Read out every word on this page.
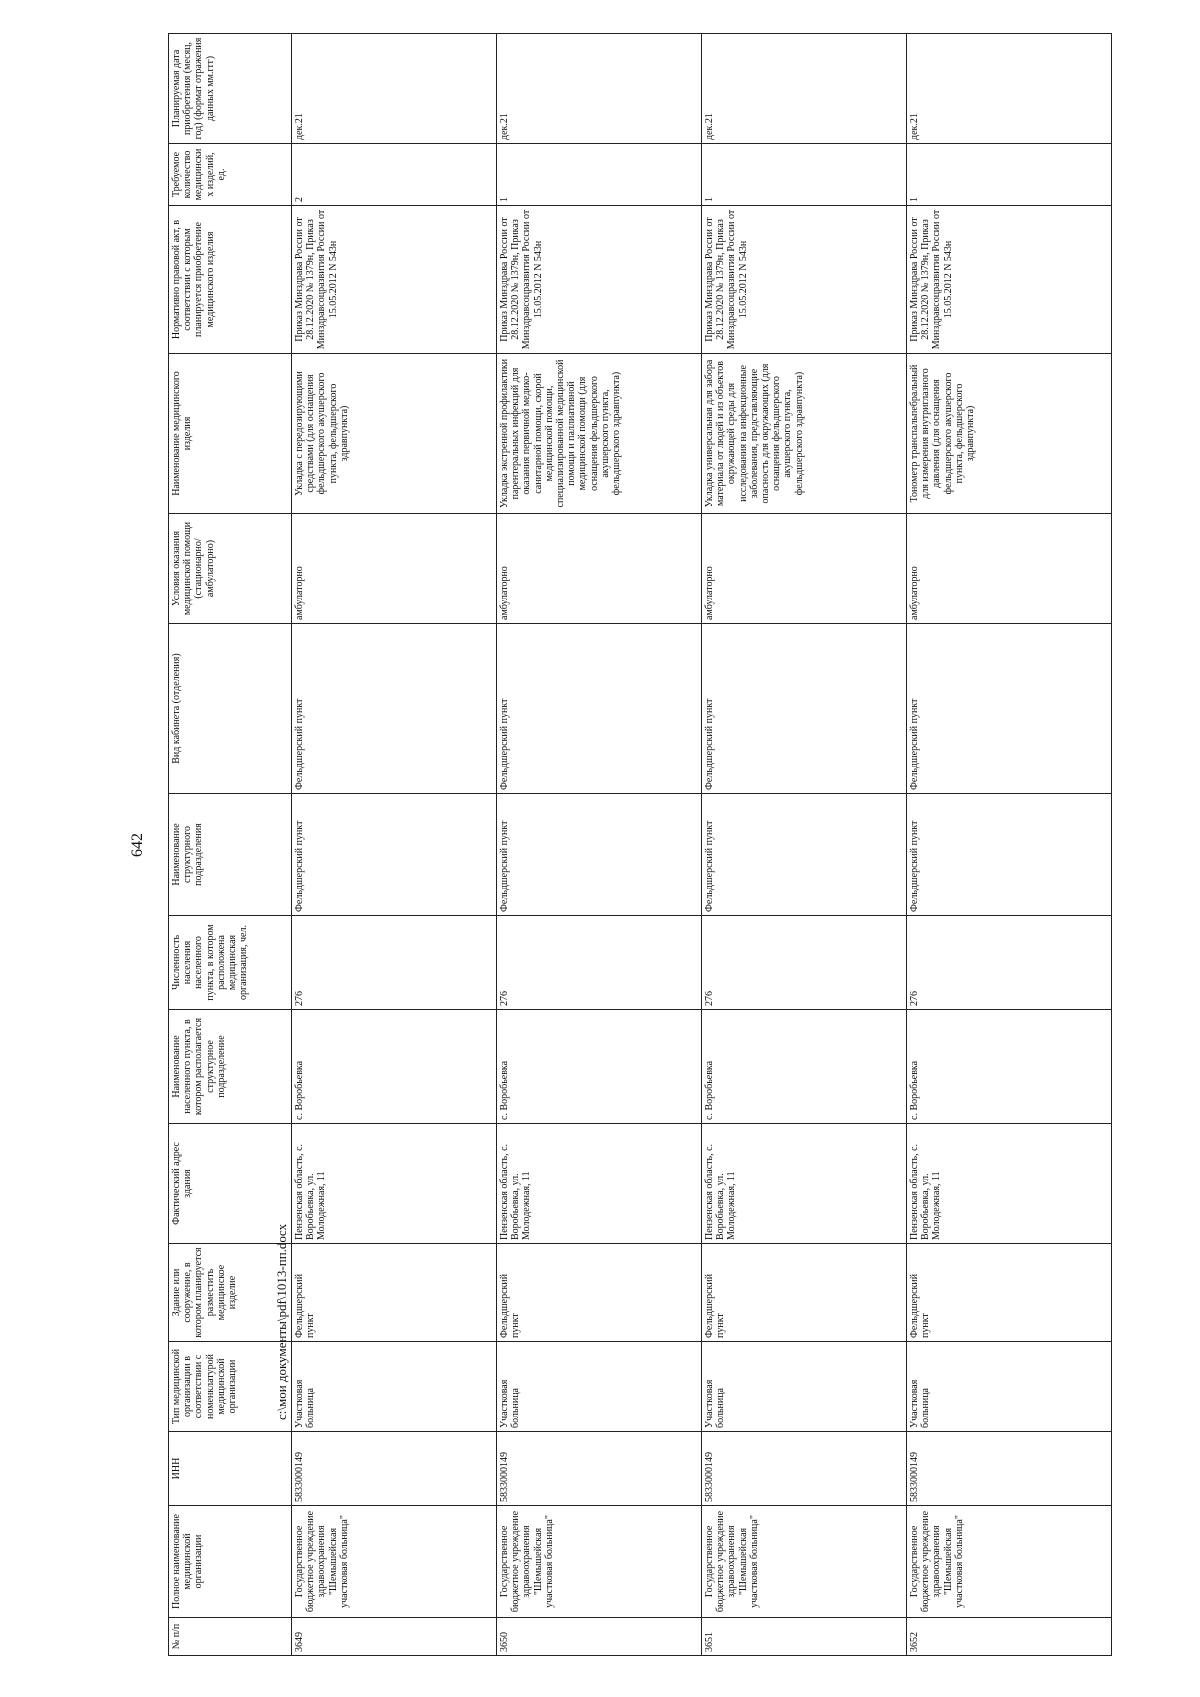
642
№ п/п	Полное наименование медицинской организации	ИНН	Тип медицинской организации в соответствии с номенклатурой медицинской организации	Здание или сооружение, в котором планируется разместить медицинское изделие	Фактический адрес здания	Наименование населенного пункта, в котором располагается структурное подразделение	Численность населения населенного пункта, в котором расположена медицинская организация, чел.	Наименование структурного подразделения	Вид кабинета (отделения)	Условия оказания медицинской помощи (стационарно/амбулаторно)	Наименование медицинского изделия	Нормативно правовой акт, в соответствии с которым планируется приобретение медицинского изделия	Требуемое количество медицинских изделий, ед.	Планируемая дата приобретения (месяц, год) (формат отражения данных мм.ггг)
3649	Государственное бюджетное учреждение здравоохранения "Шемышейская участковая больница"	5833000149	Участковая больница	Фельдшерский пункт	Пензенская область, с. Воробьевка, ул. Молодежная, 11	с. Воробьевка	276	Фельдшерский пункт	Фельдшерский пункт	амбулаторно	Укладка с передозирующими средствами (для оснащения фельдшерского акушерского пункта, фельдшерского здравпункта)	Приказ Минздрава России от 28.12.2020 № 1379н, Приказ Минздравсоцразвития России от 15.05.2012 N 543н	2	дек.21
3650	Государственное бюджетное учреждение здравоохранения "Шемышейская участковая больница"	5833000149	Участковая больница	Фельдшерский пункт	Пензенская область, с. Воробьевка, ул. Молодежная, 11	с. Воробьевка	276	Фельдшерский пункт	Фельдшерский пункт	амбулаторно	Укладка экстренной профилактики парентеральных инфекций для оказания первичной медико-санитарной помощи, скорой медицинской помощи, специализированной медицинской помощи и паллиативной медицинской помощи (для оснащения фельдшерского акушерского пункта, фельдшерского здравпункта)	Приказ Минздрава России от 28.12.2020 № 1379н, Приказ Минздравсоцразвития России от 15.05.2012 N 543н	1	дек.21
3651	Государственное бюджетное учреждение здравоохранения "Шемышейская участковая больница"	5833000149	Участковая больница	Фельдшерский пункт	Пензенская область, с. Воробьевка, ул. Молодежная, 11	с. Воробьевка	276	Фельдшерский пункт	Фельдшерский пункт	амбулаторно	Укладка универсальная для забора материала от людей и из объектов окружающей среды для исследования на инфекционные заболевания, представляющие опасность для окружающих (для оснащения фельдшерского акушерского пункта, фельдшерского здравпункта)	Приказ Минздрава России от 28.12.2020 № 1379н, Приказ Минздравсоцразвития России от 15.05.2012 N 543н	1	дек.21
3652	Государственное бюджетное учреждение здравоохранения "Шемышейская участковая больница"	5833000149	Участковая больница	Фельдшерский пункт	Пензенская область, с. Воробьевка, ул. Молодежная, 11	с. Воробьевка	276	Фельдшерский пункт	Фельдшерский пункт	амбулаторно	Тонометр транспальпебральный для измерения внутриглазного давления (для оснащения фельдшерского акушерского пункта, фельдшерского здравпункта)	Приказ Минздрава России от 28.12.2020 № 1379н, Приказ Минздравсоцразвития России от 15.05.2012 N 543н	1	дек.21
c:\мои документы\pdf\1013-пп.docx
